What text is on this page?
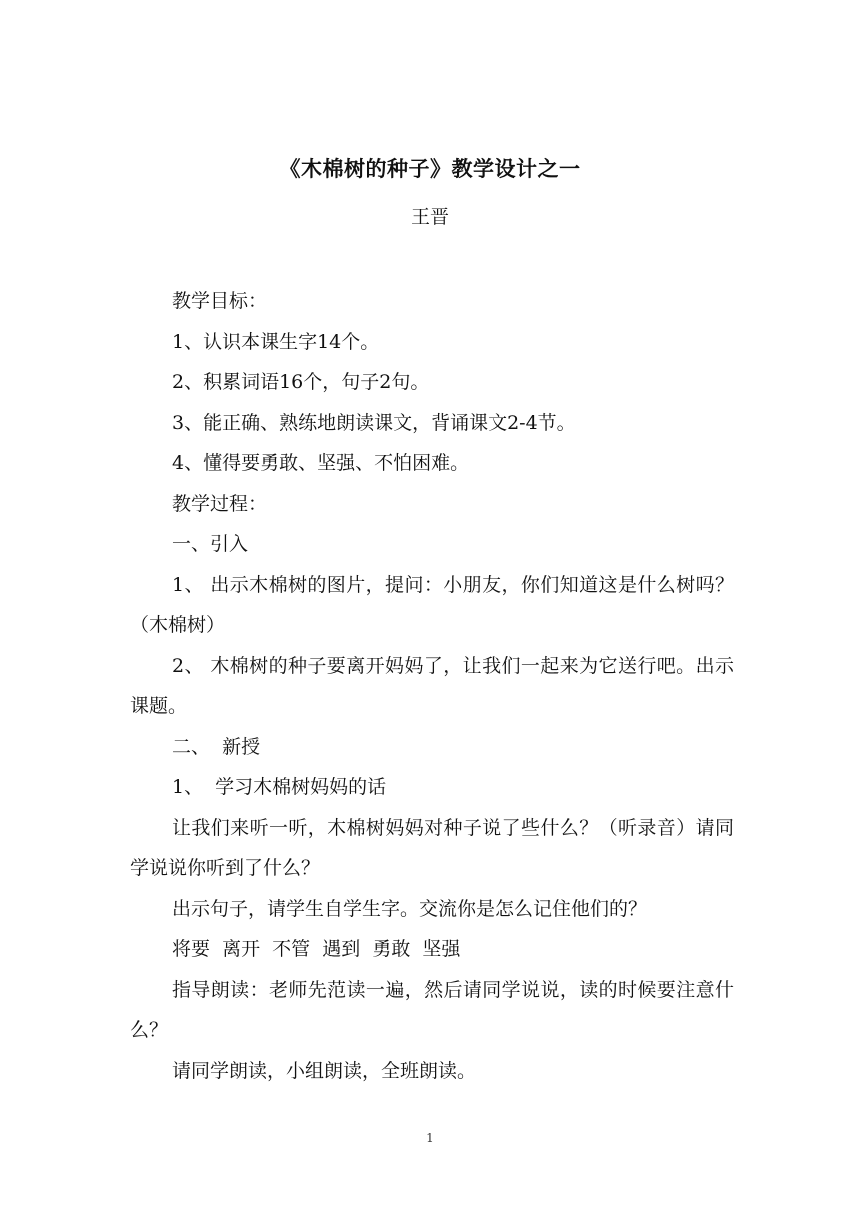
《木棉树的种子》教学设计之一
王晋

教学目标：

1、认识本课生字14个。

2、积累词语16个，句子2句。

3、能正确、熟练地朗读课文，背诵课文2-4节。

4、懂得要勇敢、坚强、不怕困难。

教学过程：

一、引入

1、 出示木棉树的图片，提问：小朋友，你们知道这是什么树吗？（木棉树）

2、 木棉树的种子要离开妈妈了，让我们一起来为它送行吧。出示课题。

二、  新授

1、  学习木棉树妈妈的话

让我们来听一听，木棉树妈妈对种子说了些什么？（听录音）请同学说说你听到了什么？

出示句子，请学生自学生字。交流你是怎么记住他们的？

将要  离开  不管  遇到  勇敢  坚强

指导朗读：老师先范读一遍，然后请同学说说，读的时候要注意什么？

请同学朗读，小组朗读，全班朗读。

1
